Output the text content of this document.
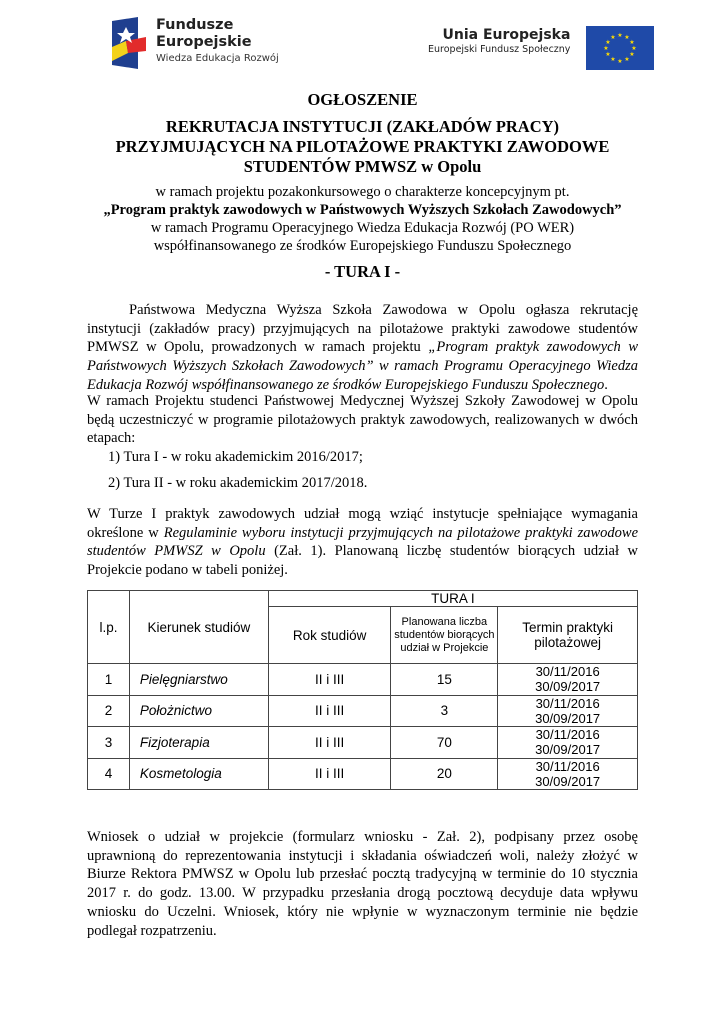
Fundusze
Europejskie
Wiedza Edukacja Rozwój
Unia Europejska
Europejski Fundusz Społeczny
★ ★
★
★
★
★
★
★
★
★
★
★
OGŁOSZENIE
REKRUTACJA INSTYTUCJI (ZAKŁADÓW PRACY)
PRZYJMUJĄCYCH NA PILOTAŻOWE PRAKTYKI ZAWODOWE
STUDENTÓW PMWSZ w Opolu
w ramach projektu pozakonkursowego o charakterze koncepcyjnym pt.
„Program praktyk zawodowych w Państwowych Wyższych Szkołach Zawodowych”
w ramach Programu Operacyjnego Wiedza Edukacja Rozwój (PO WER)
współfinansowanego ze środków Europejskiego Funduszu Społecznego
- TURA I -

Państwowa Medyczna Wyższa Szkoła Zawodowa w Opolu ogłasza rekrutację instytucji (zakładów pracy) przyjmujących na pilotażowe praktyki zawodowe studentów PMWSZ w Opolu, prowadzonych w ramach projektu „Program praktyk zawodowych w Państwowych Wyższych Szkołach Zawodowych” w ramach Programu Operacyjnego Wiedza Edukacja Rozwój współfinansowanego ze środków Europejskiego Funduszu Społecznego.

W ramach Projektu studenci Państwowej Medycznej Wyższej Szkoły Zawodowej w Opolu będą uczestniczyć w programie pilotażowych praktyk zawodowych, realizowanych w dwóch etapach:

1) Tura I - w roku akademickim 2016/2017;
2) Tura II - w roku akademickim 2017/2018.

W Turze I praktyk zawodowych udział mogą wziąć instytucje spełniające wymagania określone w Regulaminie wyboru instytucji przyjmujących na pilotażowe praktyki zawodowe studentów PMWSZ w Opolu (Zał. 1). Planowaną liczbę studentów biorących udział w Projekcie podano w tabeli poniżej.

l.p.	Kierunek studiów	TURA I		
		Rok studiów	Planowana liczba studentów biorących udział w Projekcie	Termin praktyki pilotażowej
1	Pielęgniarstwo	II i III	15	30/11/2016
30/09/2017

2	Położnictwo	II i III	3	30/11/2016
30/09/2017

3	Fizjoterapia	II i III	70	30/11/2016
30/09/2017

4	Kosmetologia	II i III	20	30/11/2016
30/09/2017

Wniosek o udział w projekcie (formularz wniosku - Zał. 2), podpisany przez osobę uprawnioną do reprezentowania instytucji i składania oświadczeń woli, należy złożyć w Biurze Rektora PMWSZ w Opolu lub przesłać pocztą tradycyjną w terminie do 10 stycznia 2017 r. do godz. 13.00. W przypadku przesłania drogą pocztową decyduje data wpływu wniosku do Uczelni. Wniosek, który nie wpłynie w wyznaczonym terminie nie będzie podlegał rozpatrzeniu.
